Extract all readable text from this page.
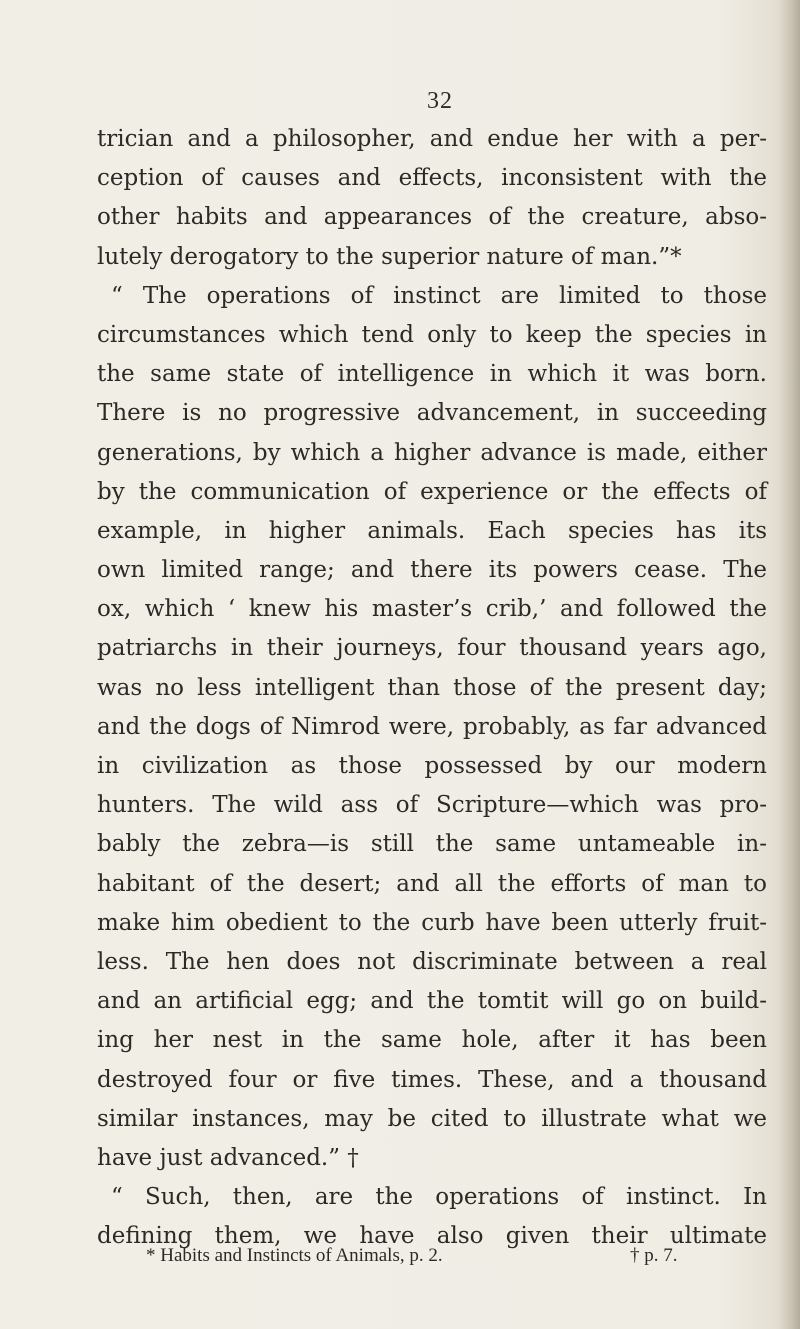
32
trician and a philosopher, and endue her with a per-
ception of causes and effects, inconsistent with the
other habits and appearances of the creature, abso-
lutely derogatory to the superior nature of man.”*
“ The operations of instinct are limited to those
circumstances which tend only to keep the species in
the same state of intelligence in which it was born.
There is no progressive advancement, in succeeding
generations, by which a higher advance is made, either
by the communication of experience or the effects of
example, in higher animals. Each species has its
own limited range; and there its powers cease. The
ox, which ‘ knew his master’s crib,’ and followed the
patriarchs in their journeys, four thousand years ago,
was no less intelligent than those of the present day;
and the dogs of Nimrod were, probably, as far advanced
in civilization as those possessed by our modern
hunters. The wild ass of Scripture—which was pro-
bably the zebra—is still the same untameable in-
habitant of the desert; and all the efforts of man to
make him obedient to the curb have been utterly fruit-
less. The hen does not discriminate between a real
and an artificial egg; and the tomtit will go on build-
ing her nest in the same hole, after it has been
destroyed four or five times. These, and a thousand
similar instances, may be cited to illustrate what we
have just advanced.” †
“ Such, then, are the operations of instinct. In
defining them, we have also given their ultimate
* Habits and Instincts of Animals, p. 2.	† p. 7.
